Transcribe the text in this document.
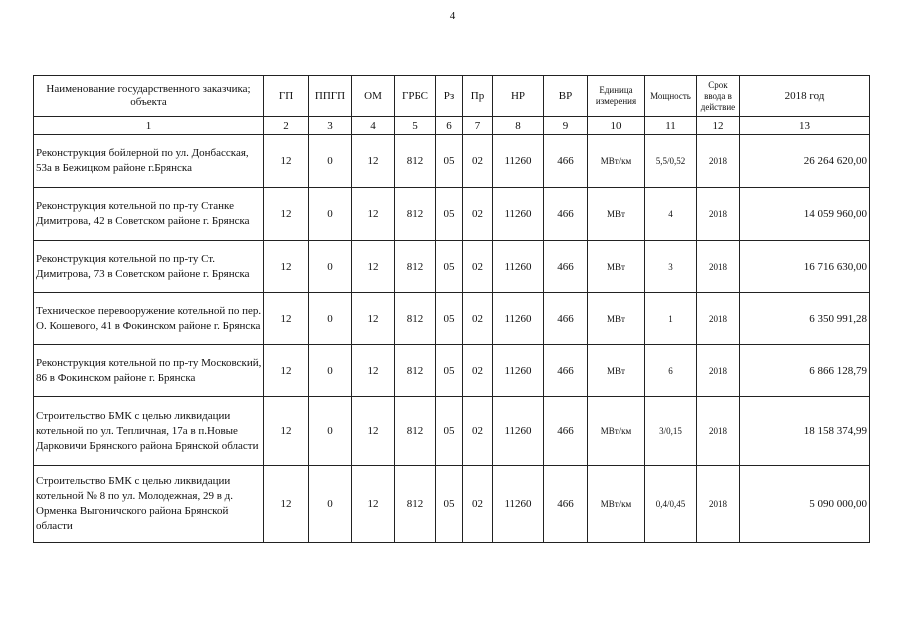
4
Наименование государственного заказчика; объекта	ГП	ППГП	ОМ	ГРБС	Рз	Пр	НР	ВР	Единица измерения	Мощность	Срок ввода в действие	2018 год
1	2	3	4	5	6	7	8	9	10	11	12	13
Реконструкция бойлерной по ул. Донбасская, 53а в Бежицком районе г.Брянска	12	0	12	812	05	02	11260	466	МВт/км	5,5/0,52	2018	26 264 620,00
Реконструкция котельной по пр-ту Станке Димитрова, 42 в Советском районе г. Брянска	12	0	12	812	05	02	11260	466	МВт	4	2018	14 059 960,00
Реконструкция котельной по пр-ту Ст. Димитрова, 73 в Советском районе г. Брянска	12	0	12	812	05	02	11260	466	МВт	3	2018	16 716 630,00
Техническое перевооружение котельной по пер. О. Кошевого, 41 в Фокинском районе г. Брянска	12	0	12	812	05	02	11260	466	МВт	1	2018	6 350 991,28
Реконструкция котельной по пр-ту Московский, 86 в Фокинском районе г. Брянска	12	0	12	812	05	02	11260	466	МВт	6	2018	6 866 128,79
Строительство БМК с целью ликвидации котельной по ул. Тепличная, 17а в п.Новые Дарковичи Брянского района Брянской области	12	0	12	812	05	02	11260	466	МВт/км	3/0,15	2018	18 158 374,99
Строительство БМК с целью ликвидации котельной № 8 по ул. Молодежная, 29 в д. Орменка Выгоничского района Брянской области	12	0	12	812	05	02	11260	466	МВт/км	0,4/0,45	2018	5 090 000,00
